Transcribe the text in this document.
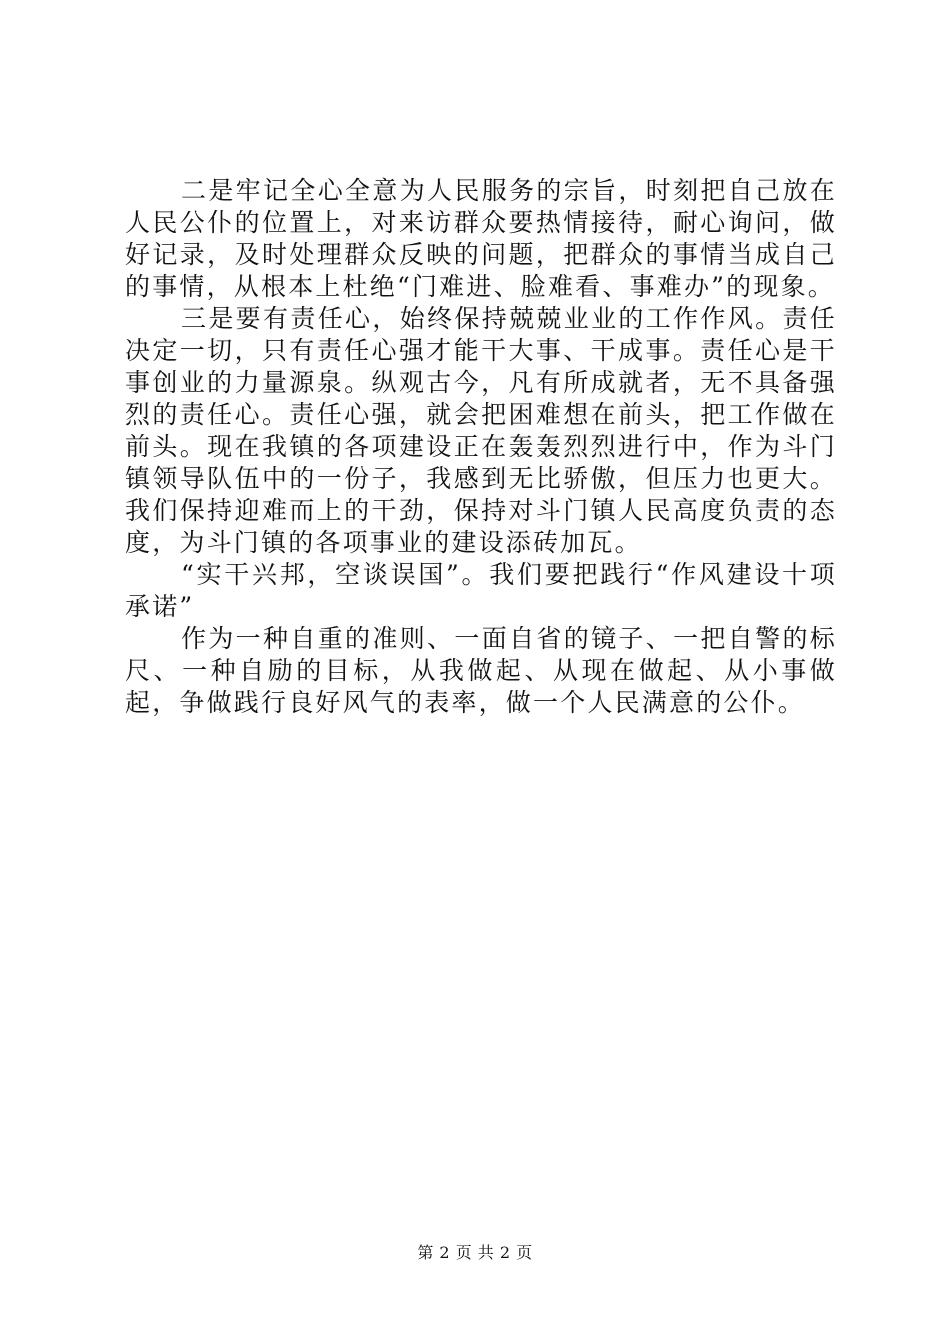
二是牢记全心全意为人民服务的宗旨，时刻把自己放在人民公仆的位置上，对来访群众要热情接待，耐心询问，做好记录，及时处理群众反映的问题，把群众的事情当成自己的事情，从根本上杜绝“门难进、脸难看、事难办”的现象。

三是要有责任心，始终保持兢兢业业的工作作风。责任决定一切，只有责任心强才能干大事、干成事。责任心是干事创业的力量源泉。纵观古今，凡有所成就者，无不具备强烈的责任心。责任心强，就会把困难想在前头，把工作做在前头。现在我镇的各项建设正在轰轰烈烈进行中，作为斗门镇领导队伍中的一份子，我感到无比骄傲，但压力也更大。我们保持迎难而上的干劲，保持对斗门镇人民高度负责的态度，为斗门镇的各项事业的建设添砖加瓦。

“实干兴邦，空谈误国”。我们要把践行“作风建设十项承诺”

作为一种自重的准则、一面自省的镜子、一把自警的标尺、一种自励的目标，从我做起、从现在做起、从小事做起，争做践行良好风气的表率，做一个人民满意的公仆。

第 2 页 共 2 页
